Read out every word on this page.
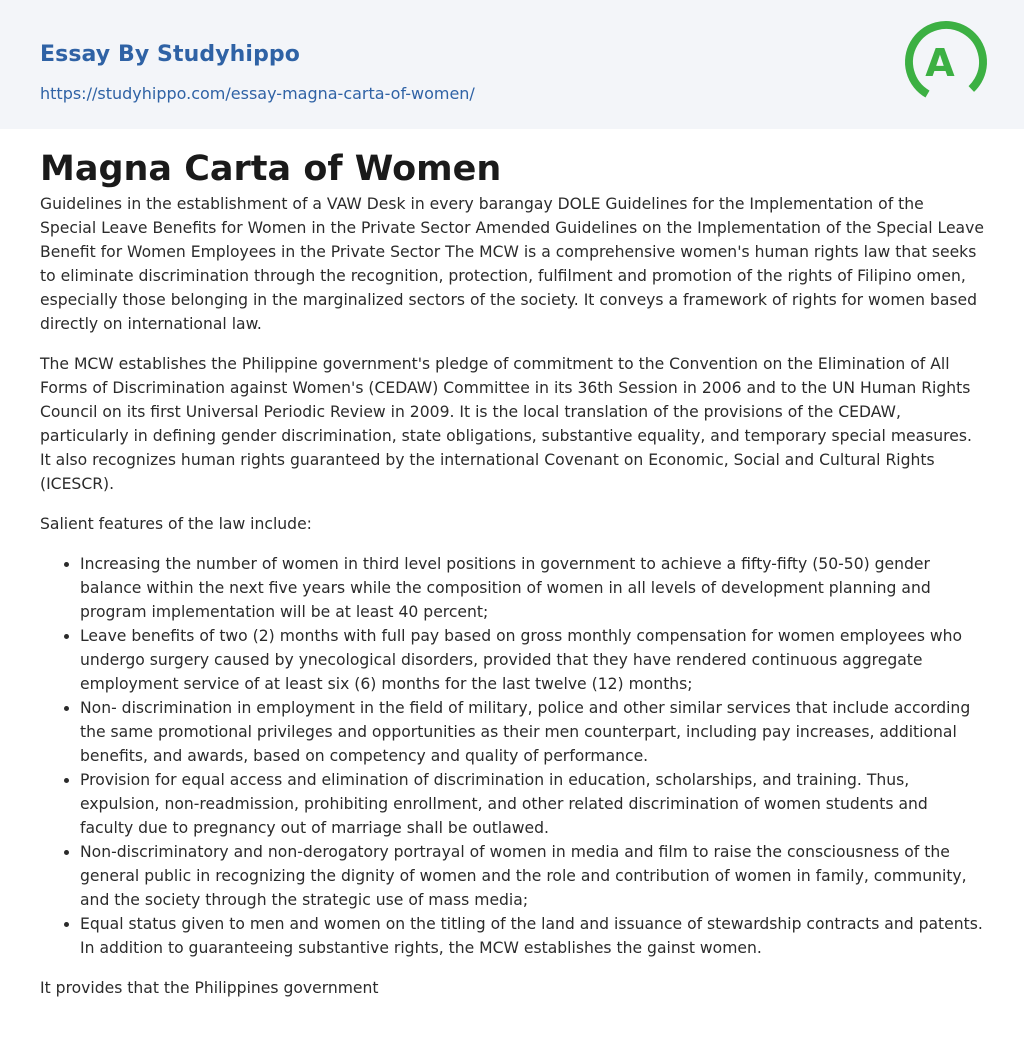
Essay By Studyhippo
https://studyhippo.com/essay-magna-carta-of-women/
A
Magna Carta of Women

Guidelines in the establishment of a VAW Desk in every barangay DOLE Guidelines for the Implementation of the Special Leave Benefits for Women in the Private Sector Amended Guidelines on the Implementation of the Special Leave Benefit for Women Employees in the Private Sector The MCW is a comprehensive women's human rights law that seeks to eliminate discrimination through the recognition, protection, fulfilment and promotion of the rights of Filipino omen, especially those belonging in the marginalized sectors of the society. It conveys a framework of rights for women based directly on international law.

The MCW establishes the Philippine government's pledge of commitment to the Convention on the Elimination of All Forms of Discrimination against Women's (CEDAW) Committee in its 36th Session in 2006 and to the UN Human Rights Council on its first Universal Periodic Review in 2009. It is the local translation of the provisions of the CEDAW, particularly in defining gender discrimination, state obligations, substantive equality, and temporary special measures. It also recognizes human rights guaranteed by the international Covenant on Economic, Social and Cultural Rights (ICESCR).

Salient features of the law include:

• Increasing the number of women in third level positions in government to achieve a fifty-fifty (50-50) gender balance within the next five years while the composition of women in all levels of development planning and program implementation will be at least 40 percent;
• Leave benefits of two (2) months with full pay based on gross monthly compensation for women employees who undergo surgery caused by ynecological disorders, provided that they have rendered continuous aggregate employment service of at least six (6) months for the last twelve (12) months;
• Non- discrimination in employment in the field of military, police and other similar services that include according the same promotional privileges and opportunities as their men counterpart, including pay increases, additional benefits, and awards, based on competency and quality of performance.
• Provision for equal access and elimination of discrimination in education, scholarships, and training. Thus, expulsion, non-readmission, prohibiting enrollment, and other related discrimination of women students and faculty due to pregnancy out of marriage shall be outlawed.
• Non-discriminatory and non-derogatory portrayal of women in media and film to raise the consciousness of the general public in recognizing the dignity of women and the role and contribution of women in family, community, and the society through the strategic use of mass media;
• Equal status given to men and women on the titling of the land and issuance of stewardship contracts and patents. In addition to guaranteeing substantive rights, the MCW establishes the gainst women.

It provides that the Philippines government
